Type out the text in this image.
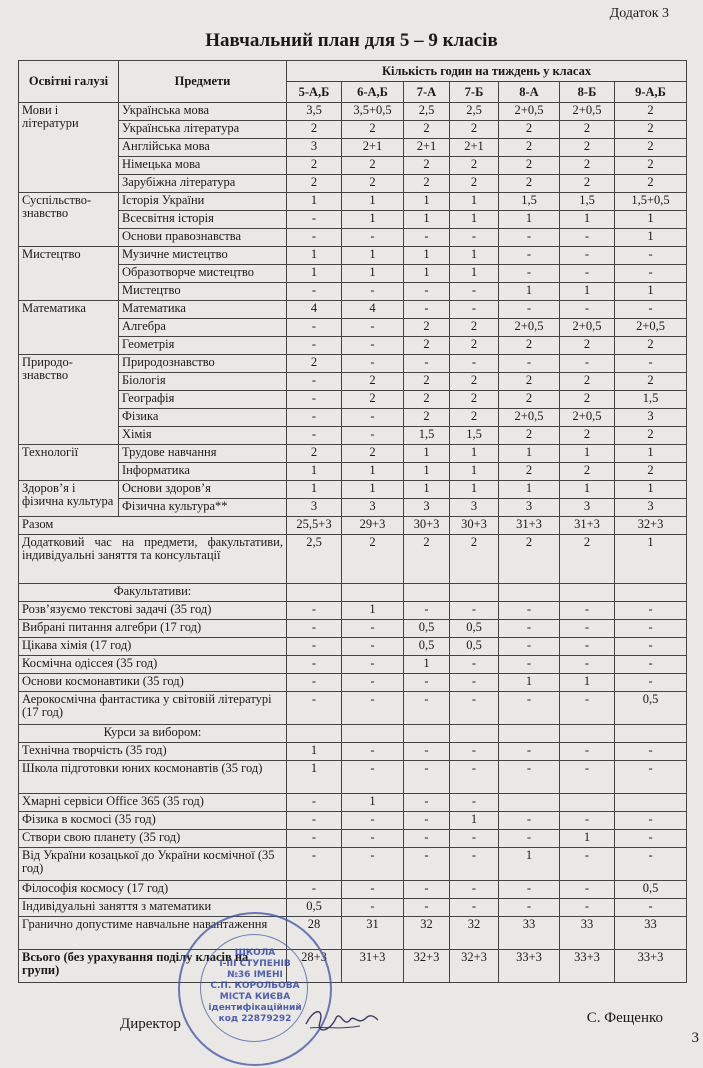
Додаток 3
Навчальний план для 5 – 9 класів
Освітні галузі	Предмети	Кількість годин на тиждень у класах						
		5-А,Б	6-А,Б	7-А	7-Б	8-А	8-Б	9-А,Б
Мови і літератури	Українська мова	3,5	3,5+0,5	2,5	2,5	2+0,5	2+0,5	2
	Українська література	2	2	2	2	2	2	2
	Англійська мова	3	2+1	2+1	2+1	2	2	2
	Німецька мова	2	2	2	2	2	2	2
	Зарубіжна література	2	2	2	2	2	2	2
Суспільство-знавство	Історія України	1	1	1	1	1,5	1,5	1,5+0,5
	Всесвітня історія	-	1	1	1	1	1	1
	Основи правознавства	-	-	-	-	-	-	1
Мистецтво	Музичне мистецтво	1	1	1	1	-	-	-
	Образотворче мистецтво	1	1	1	1	-	-	-
	Мистецтво	-	-	-	-	1	1	1
Математика	Математика	4	4	-	-	-	-	-
	Алгебра	-	-	2	2	2+0,5	2+0,5	2+0,5
	Геометрія	-	-	2	2	2	2	2
Природо-знавство	Природознавство	2	-	-	-	-	-	-
	Біологія	-	2	2	2	2	2	2
	Географія	-	2	2	2	2	2	1,5
	Фізика	-	-	2	2	2+0,5	2+0,5	3
	Хімія	-	-	1,5	1,5	2	2	2
Технології	Трудове навчання	2	2	1	1	1	1	1
	Інформатика	1	1	1	1	2	2	2
Здоров’я і фізична культура	Основи здоров’я	1	1	1	1	1	1	1
	Фізична культура**	3	3	3	3	3	3	3
Разом		25,5+3	29+3	30+3	30+3	31+3	31+3	32+3
Додатковий час на предмети, факультативи, індивідуальні заняття та консультації		2,5	2	2	2	2	2	1
Факультативи:								
Розв’язуємо текстові задачі (35 год)		-	1	-	-	-	-	-
Вибрані питання алгебри (17 год)		-	-	0,5	0,5	-	-	-
Цікава хімія (17 год)		-	-	0,5	0,5	-	-	-
Космічна одіссея (35 год)		-	-	1	-	-	-	-
Основи космонавтики (35 год)		-	-	-	-	1	1	-
Аерокосмічна фантастика у світовій літературі (17 год)		-	-	-	-	-	-	0,5
Курси за вибором:								
Технічна творчість (35 год)		1	-	-	-	-	-	-
Школа підготовки юних космонавтів (35 год)		1	-	-	-	-	-	-
Хмарні сервіси Office 365 (35 год)		-	1	-	-			
Фізика в космосі (35 год)		-	-	-	1	-	-	-
Створи свою планету (35 год)		-	-	-	-	-	1	-
Від України козацької до України космічної (35 год)		-	-	-	-	1	-	-
Філософія космосу (17 год)		-	-	-	-	-	-	0,5
Індивідуальні заняття з математики		0,5	-	-	-	-	-	-
Гранично допустиме навчальне навантаження		28	31	32	32	33	33	33
Всього (без урахування поділу класів на групи)		28+3	31+3	32+3	32+3	33+3	33+3	33+3
ШКОЛА
І-ІІІ СТУПЕНІВ
№36 ІМЕНІ
С.П. КОРОЛЬОВА
МІСТА КИЄВА
ідентифікаційний
код 22879292
Директор	С. Фещенко
3
